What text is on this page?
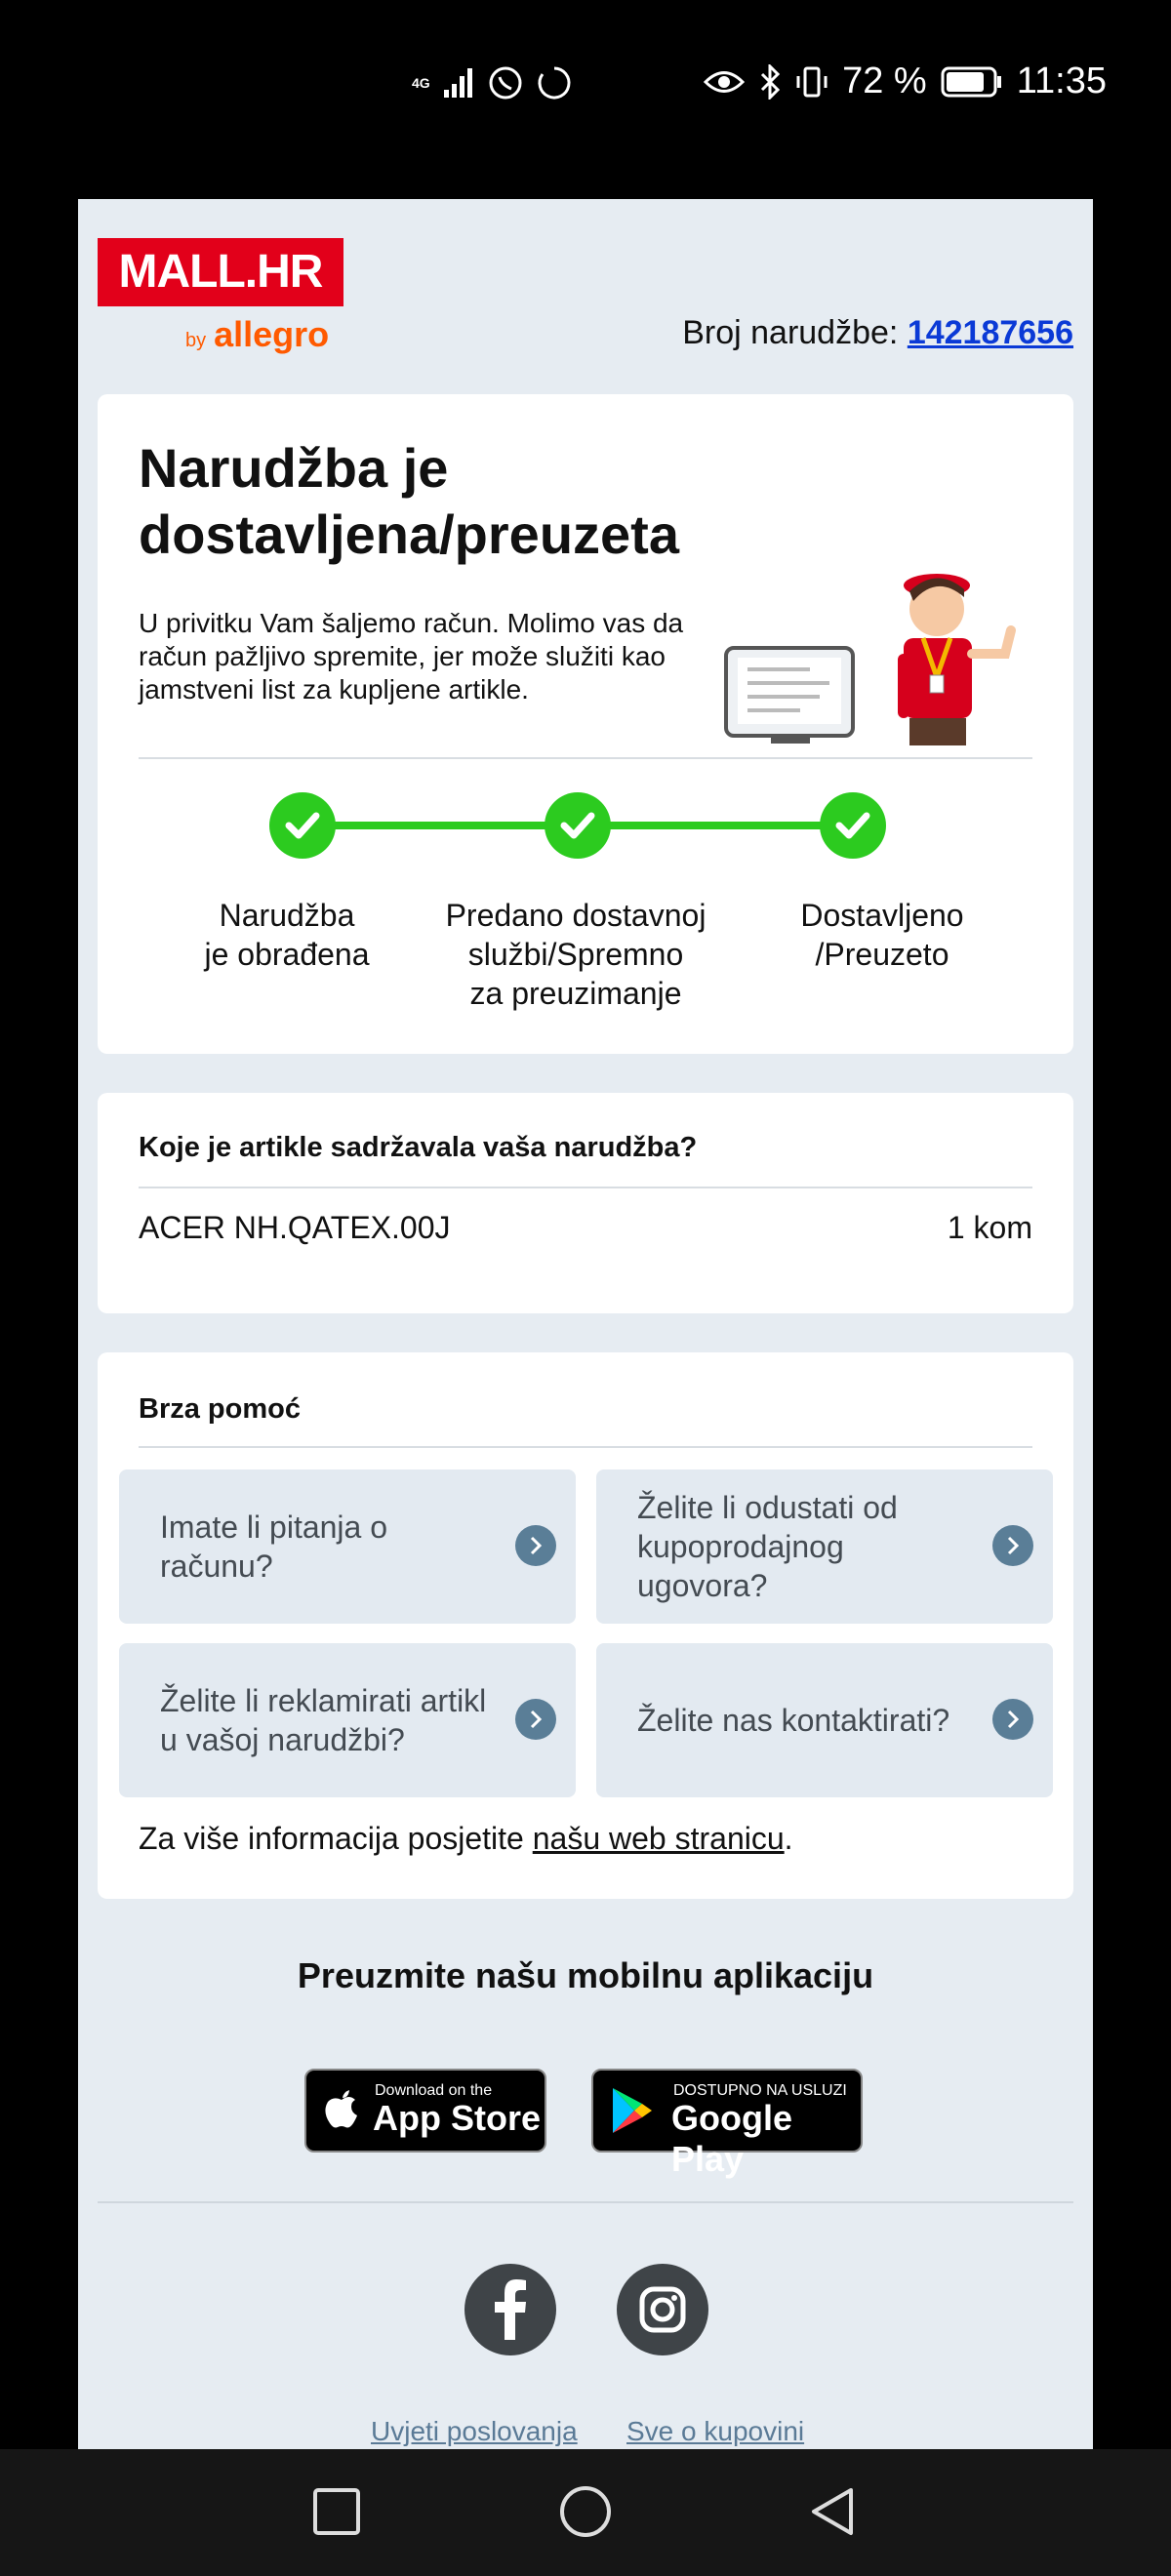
4G	72 % 11:35
MALL.HR
by allegro	Broj narudžbe: 142187656
Narudžba je dostavljena/preuzeta
U privitku Vam šaljemo račun. Molimo vas da račun pažljivo spremite, jer može služiti kao jamstveni list za kupljene artikle.
Narudžba
je obrađena
Predano dostavnoj
službi/Spremno
za preuzimanje
Dostavljeno
/Preuzeto
Koje je artikle sadržavala vaša narudžba?
ACER NH.QATEX.00J	1 kom
Brza pomoć
Imate li pitanja o računu?
Želite li odustati od kupoprodajnog ugovora?
Želite li reklamirati artikl u vašoj narudžbi?
Želite nas kontaktirati?
Za više informacija posjetite našu web stranicu.
Preuzmite našu mobilnu aplikaciju
Download on the
App Store
DOSTUPNO NA USLUZI
Google Play
Uvjeti poslovanja Sve o kupovini
